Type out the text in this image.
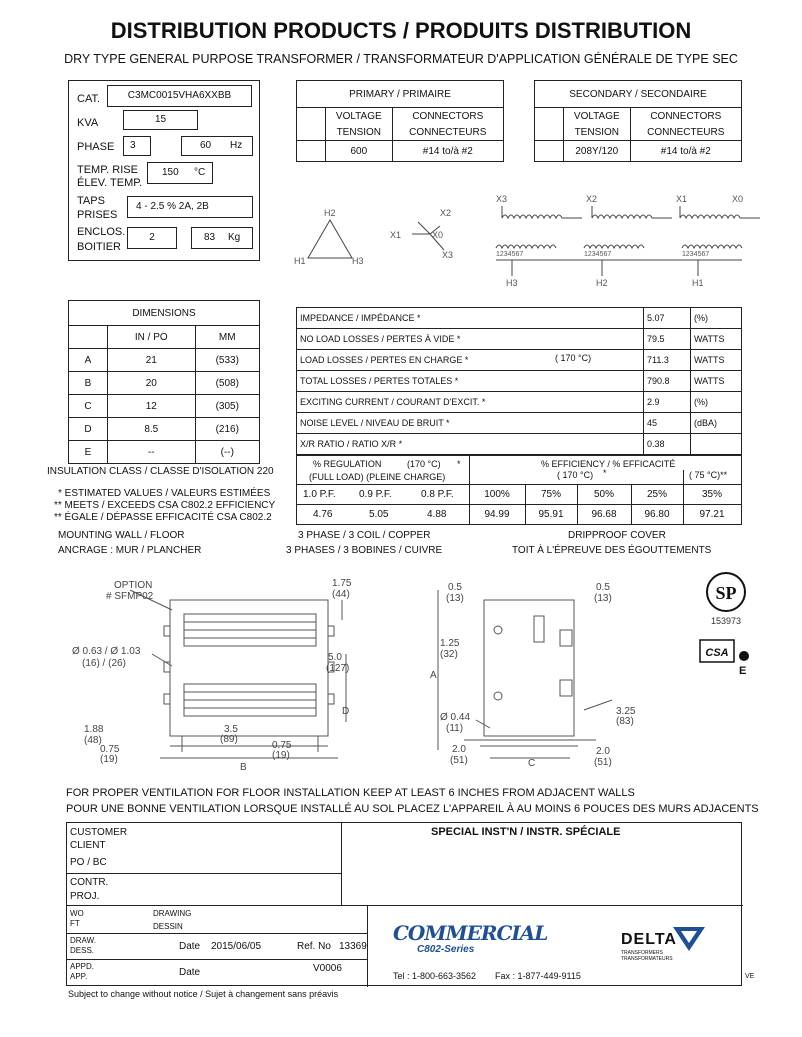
DISTRIBUTION PRODUCTS / PRODUITS DISTRIBUTION
DRY TYPE GENERAL PURPOSE TRANSFORMER / TRANSFORMATEUR D'APPLICATION GÉNÉRALE DE TYPE SEC
CAT.	C3MC0015VHA6XXBB
KVA	15
PHASE	3	60 Hz
TEMP. RISE
ÉLEV. TEMP.
150 °C
TAPS
PRISES
4 - 2.5 % 2A, 2B
ENCLOS.
BOITIER
2	83 Kg
PRIMARY / PRIMAIRE		
	VOLTAGE	CONNECTORS
	TENSION	CONNECTEURS
	600	#14 to/à #2
SECONDARY / SECONDAIRE		
	VOLTAGE	CONNECTORS
	TENSION	CONNECTEURS
	208Y/120	#14 to/à #2
H2
H1	H3
X2
X1	X0
X3
X3	X2	X1	X0
1234567	1234567	1234567
H3	H2	H1
DIMENSIONS		
	IN / PO	MM
A	21	(533)
B	20	(508)
C	12	(305)
D	8.5	(216)
E	--	(--)
IMPEDANCE / IMPÉDANCE *	5.07	(%)
NO LOAD LOSSES / PERTES À VIDE *	79.5	WATTS
LOAD LOSSES / PERTES EN CHARGE * ( 170 °C)	711.3	WATTS
TOTAL LOSSES / PERTES TOTALES *	790.8	WATTS
EXCITING CURRENT / COURANT D'EXCIT. *	2.9	(%)
NOISE LEVEL / NIVEAU DE BRUIT *	45	(dBA)
X/R RATIO / RATIO X/R *	0.38	
% REGULATION	(170 °C) *
(FULL LOAD) (PLEINE CHARGE)
% EFFICIENCY / % EFFICACITÉ
( 170 °C) *	( 75 °C)**
1.0 P.F. 0.9 P.F.	0.8 P.F.
4.76	5.05	4.88
100%	75%	50%	25%	35%
94.99	95.91	96.68	96.80	97.21
INSULATION CLASS / CLASSE D'ISOLATION 220
* ESTIMATED VALUES / VALEURS ESTIMÉES
** MEETS / EXCEEDS CSA C802.2 EFFICIENCY
** ÉGALE / DÉPASSE EFFICACITÉ CSA C802.2
MOUNTING WALL / FLOOR
ANCRAGE : MUR / PLANCHER
3 PHASE / 3 COIL / COPPER
3 PHASES / 3 BOBINES / CUIVRE
DRIPPROOF COVER
TOIT À L'ÉPREUVE DES ÉGOUTTEMENTS
OPTION
# SFMP02
Ø 0.63 / Ø 1.03
(16) / (26)
1.75
(44)
5.0
(127)
1.88
(48)
0.75
(19)
3.5
(89)
0.75
(19)
B
D
A
0.5
(13)
0.5
(13)
1.25
(32)
Ø 0.44
(11)
3.25
(83)
2.0
(51)	C
2.0
(51)
SP
153973
CSA
E
FOR PROPER VENTILATION FOR FLOOR INSTALLATION KEEP AT LEAST 6 INCHES FROM ADJACENT WALLS
POUR UNE BONNE VENTILATION LORSQUE INSTALLÉ AU SOL PLACEZ L'APPAREIL À AU MOINS 6 POUCES DES MURS ADJACENTS
CUSTOMER
CLIENT
PO / BC
CONTR.
PROJ.
SPECIAL INST'N / INSTR. SPÉCIALE
WO
FT
DRAWING
DESSIN
DRAW.
DESS.	Date 2015/06/05	Ref. No 13369
APPD.
APP.	Date	V0006
COMMERCIAL
C802-Series
Tel : 1-800-663-3562 Fax : 1-877-449-9115
DELTA
TRANSFORMERS
TRANSFORMATEURS
VE
Subject to change without notice / Sujet à changement sans préavis
